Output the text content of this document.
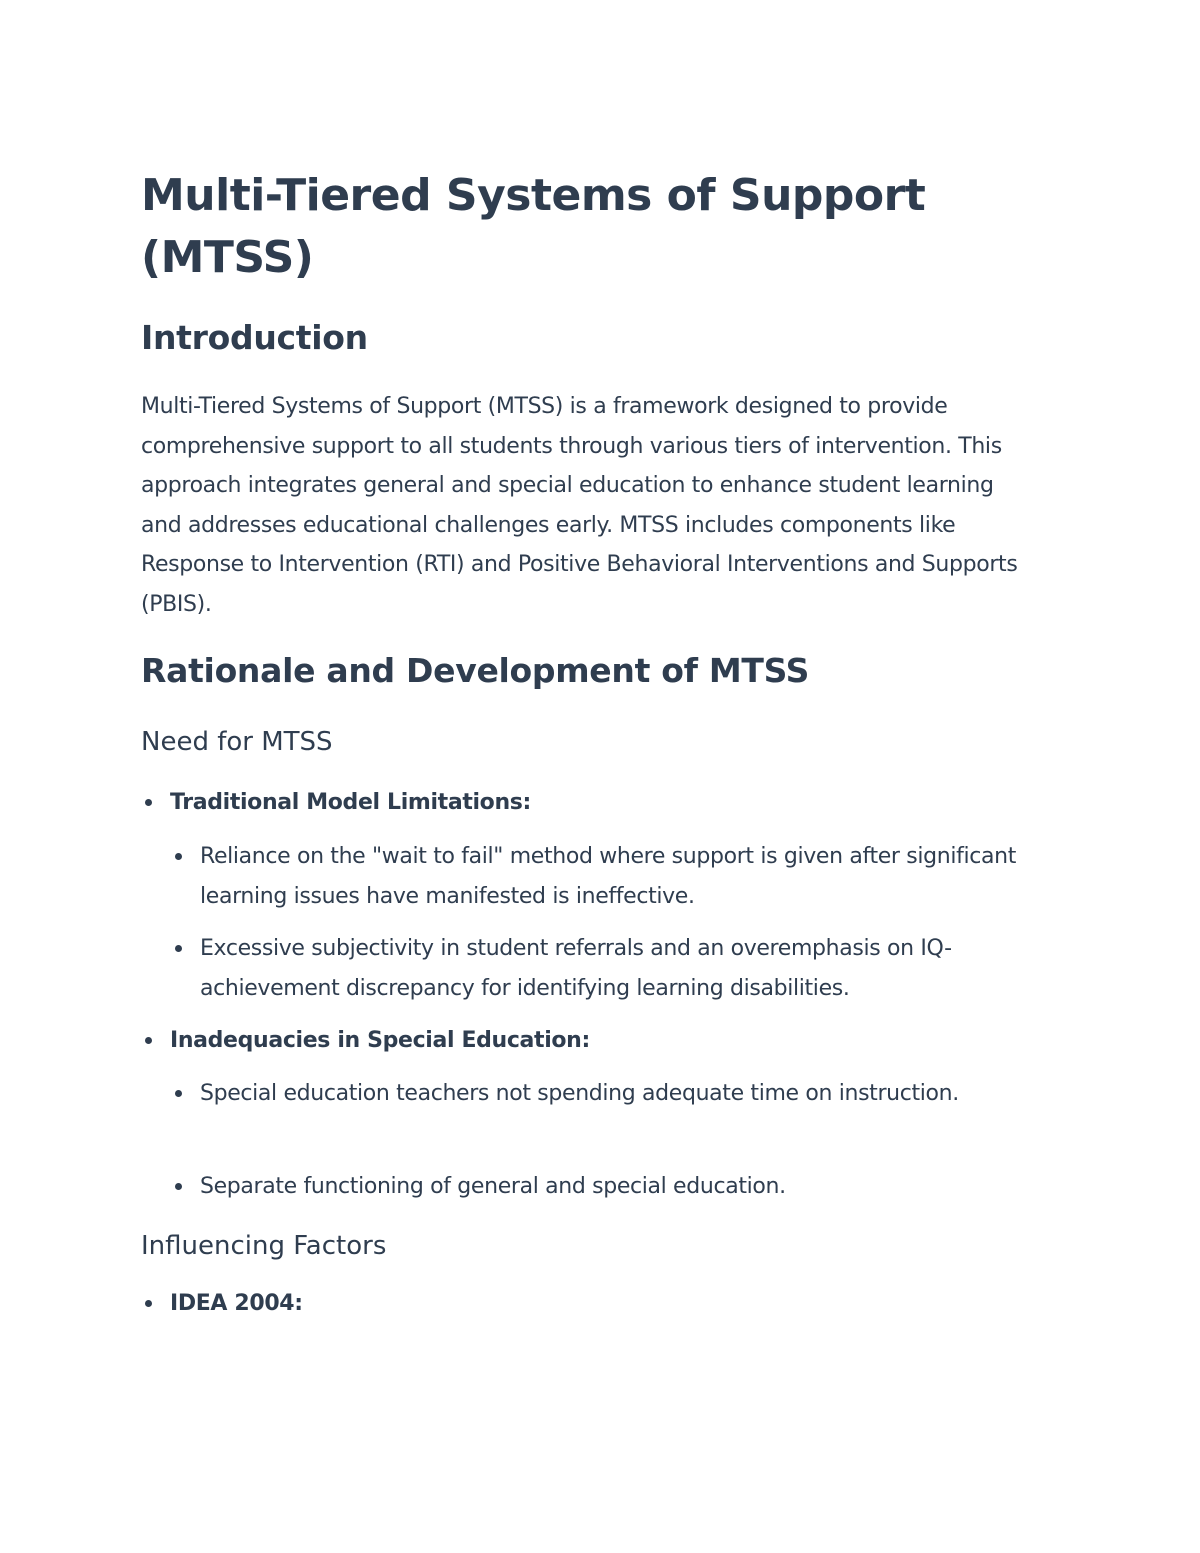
Multi-Tiered Systems of Support (MTSS)
Introduction

Multi-Tiered Systems of Support (MTSS) is a framework designed to provide comprehensive support to all students through various tiers of intervention. This approach integrates general and special education to enhance student learning and addresses educational challenges early. MTSS includes components like Response to Intervention (RTI) and Positive Behavioral Interventions and Supports (PBIS).

Rationale and Development of MTSS
Need for MTSS
Traditional Model Limitations:
Reliance on the "wait to fail" method where support is given after significant learning issues have manifested is ineffective.
Excessive subjectivity in student referrals and an overemphasis on IQ-achievement discrepancy for identifying learning disabilities.
Inadequacies in Special Education:
Special education teachers not spending adequate time on instruction.
Separate functioning of general and special education.
Influencing Factors
IDEA 2004:
